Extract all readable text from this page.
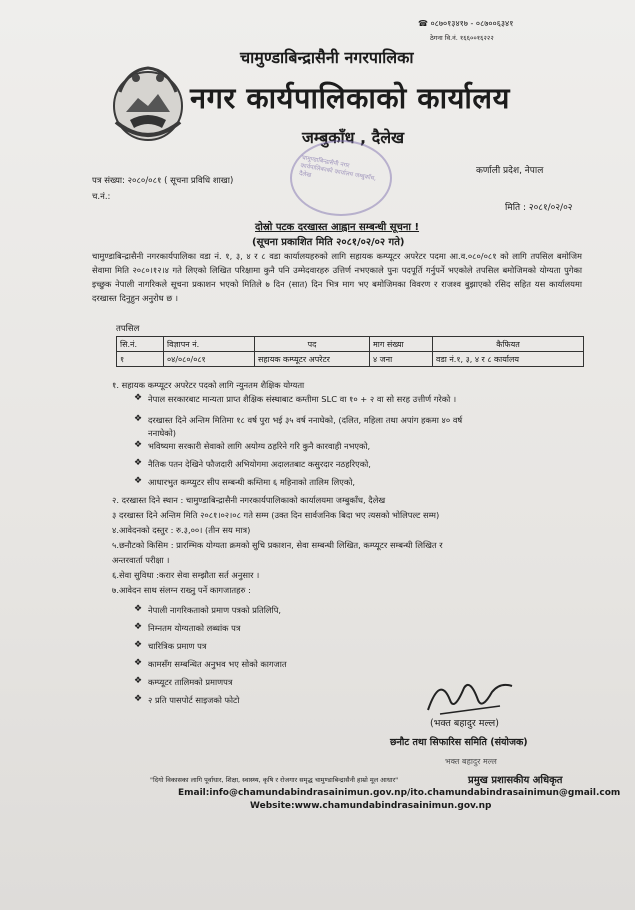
☎ ०८७०१३४१७ - ०८७००६३४१
ठेगना वि.नं. १६६००१६२२२
चामुण्डाबिन्द्रासैनी नगरपालिका
नगर कार्यपालिकाको कार्यालय
जम्बुकाँध , दैलेख
कर्णाली प्रदेश, नेपाल
चामुण्डाबिन्द्रासैनी नगर कार्यपालिकाको कार्यालय जम्बुकाँध, दैलेख
पत्र संख्या: २०८०/०८१ ( सूचना प्रविधि शाखा)
च.नं.:
मिति : २०८१/०२/०२
दोस्रो पटक दरखास्त आह्वान सम्बन्धी सूचना !
(सूचना प्रकाशित मिति २०८१/०२/०२ गते)
चामुण्डाबिन्द्रासैनी नगरकार्यपालिका वडा नं. १, ३, ४ र ८ वडा कार्यालयहरुको लागि सहायक कम्प्यूटर अपरेटर पदमा आ.व.०८०/०८१ को लागि तपसिल बमोजिम सेवामा मिति २०८०।१२।४ गते लिएको लिखित परिक्षामा कुनै पनि उम्मेदवारहरु उत्तिर्ण नभएकाले पुनः पदपूर्ति गर्नुपर्ने भएकोले तपसिल बमोजिमको योग्यता पुगेका इच्छुक नेपाली नागरिकले सूचना प्रकाशन भएको मितिले ७ दिन (सात) दिन भित्र माग भए बमोजिमका विवरण र राजश्व बुझाएको रसिद सहित यस कार्यालयमा दरखास्त दिनुहुन अनुरोध छ ।
तपसिल
सि.नं.	विज्ञापन नं.	पद	माग संख्या	कैफियत
१	०४/०८०/०८१	सहायक कम्प्यूटर अपरेटर	४ जना	वडा नं.१, ३, ४ र ८ कार्यालय
१. सहायक कम्प्यूटर अपरेटर पदको लागि न्युनतम शैक्षिक योग्यता
❖ नेपाल सरकारबाट मान्यता प्राप्त शैक्षिक संस्थाबाट कम्तीमा SLC वा १० + २ वा सो सरह उत्तीर्ण गरेको ।
❖ दरखास्त दिने अन्तिम मितिमा १८ वर्ष पुरा भई ३५ वर्ष ननाघेको, (दलित, महिला तथा अपांग हकमा ४० वर्ष
ननाघेको)
❖ भविष्यमा सरकारी सेवाको लागि अयोग्य ठहरिने गरि कुनै कारवाही नभएको,
❖ नैतिक पतन देखिने फौजदारी अभियोगमा अदालतबाट कसुरदार नठहरिएको,
❖ आधारभुत कम्प्युटर सीप सम्बन्धी कम्तिमा ६ महिनाको तालिम लिएको,
२. दरखास्त दिने स्थान : चामुण्डाबिन्द्रासैनी नगरकार्यपालिकाको कार्यालयमा जम्बुकाँध, दैलेख
३ दरखास्त दिने अन्तिम मिति २०८१।०२।०८ गते सम्म (उक्त दिन सार्वजनिक बिदा भए त्यसको भोलिपल्ट सम्म)
४.आवेदनको दस्तुर : रु.३,००। (तीन सय मात्र)
५.छनौटको किसिम : प्रारम्भिक योग्यता क्रमको सुचि प्रकाशन, सेवा सम्बन्धी लिखित, कम्प्यूटर सम्बन्धी लिखित र
अन्तरवार्ता परीक्षा ।
६.सेवा सुविधा :करार सेवा सम्झौता सर्त अनुसार ।
७.आवेदन साथ संलग्न राख्नु पर्ने कागजातहरु :
❖ नेपाली नागरिकताको प्रमाण पत्रको प्रतिलिपि,
❖ निम्नतम योग्यताको लब्धांक पत्र
❖ चारित्रिक प्रमाण पत्र
❖ कामसँग सम्बन्धित अनुभव भए सोको कागजात
❖ कम्प्यूटर तालिमको प्रमाणपत्र
❖ २ प्रति पासपोर्ट साइजको फोटो
(भक्त बहादुर मल्ल)
छनौट तथा सिफारिस समिति (संयोजक)
भक्त बहादुर मल्ल
"दिगो विकासका लागि पूर्वाधार, शिक्षा, स्वास्थ्य, कृषि र रोजगार समृद्ध चामुण्डाबिन्द्रासैनी हाम्रो मूल आधार"	प्रमुख प्रशासकीय अधिकृत
Email:info@chamundabindrasainimun.gov.np/ito.chamundabindrasainimun@gmail.com
Website:www.chamundabindrasainimun.gov.np
